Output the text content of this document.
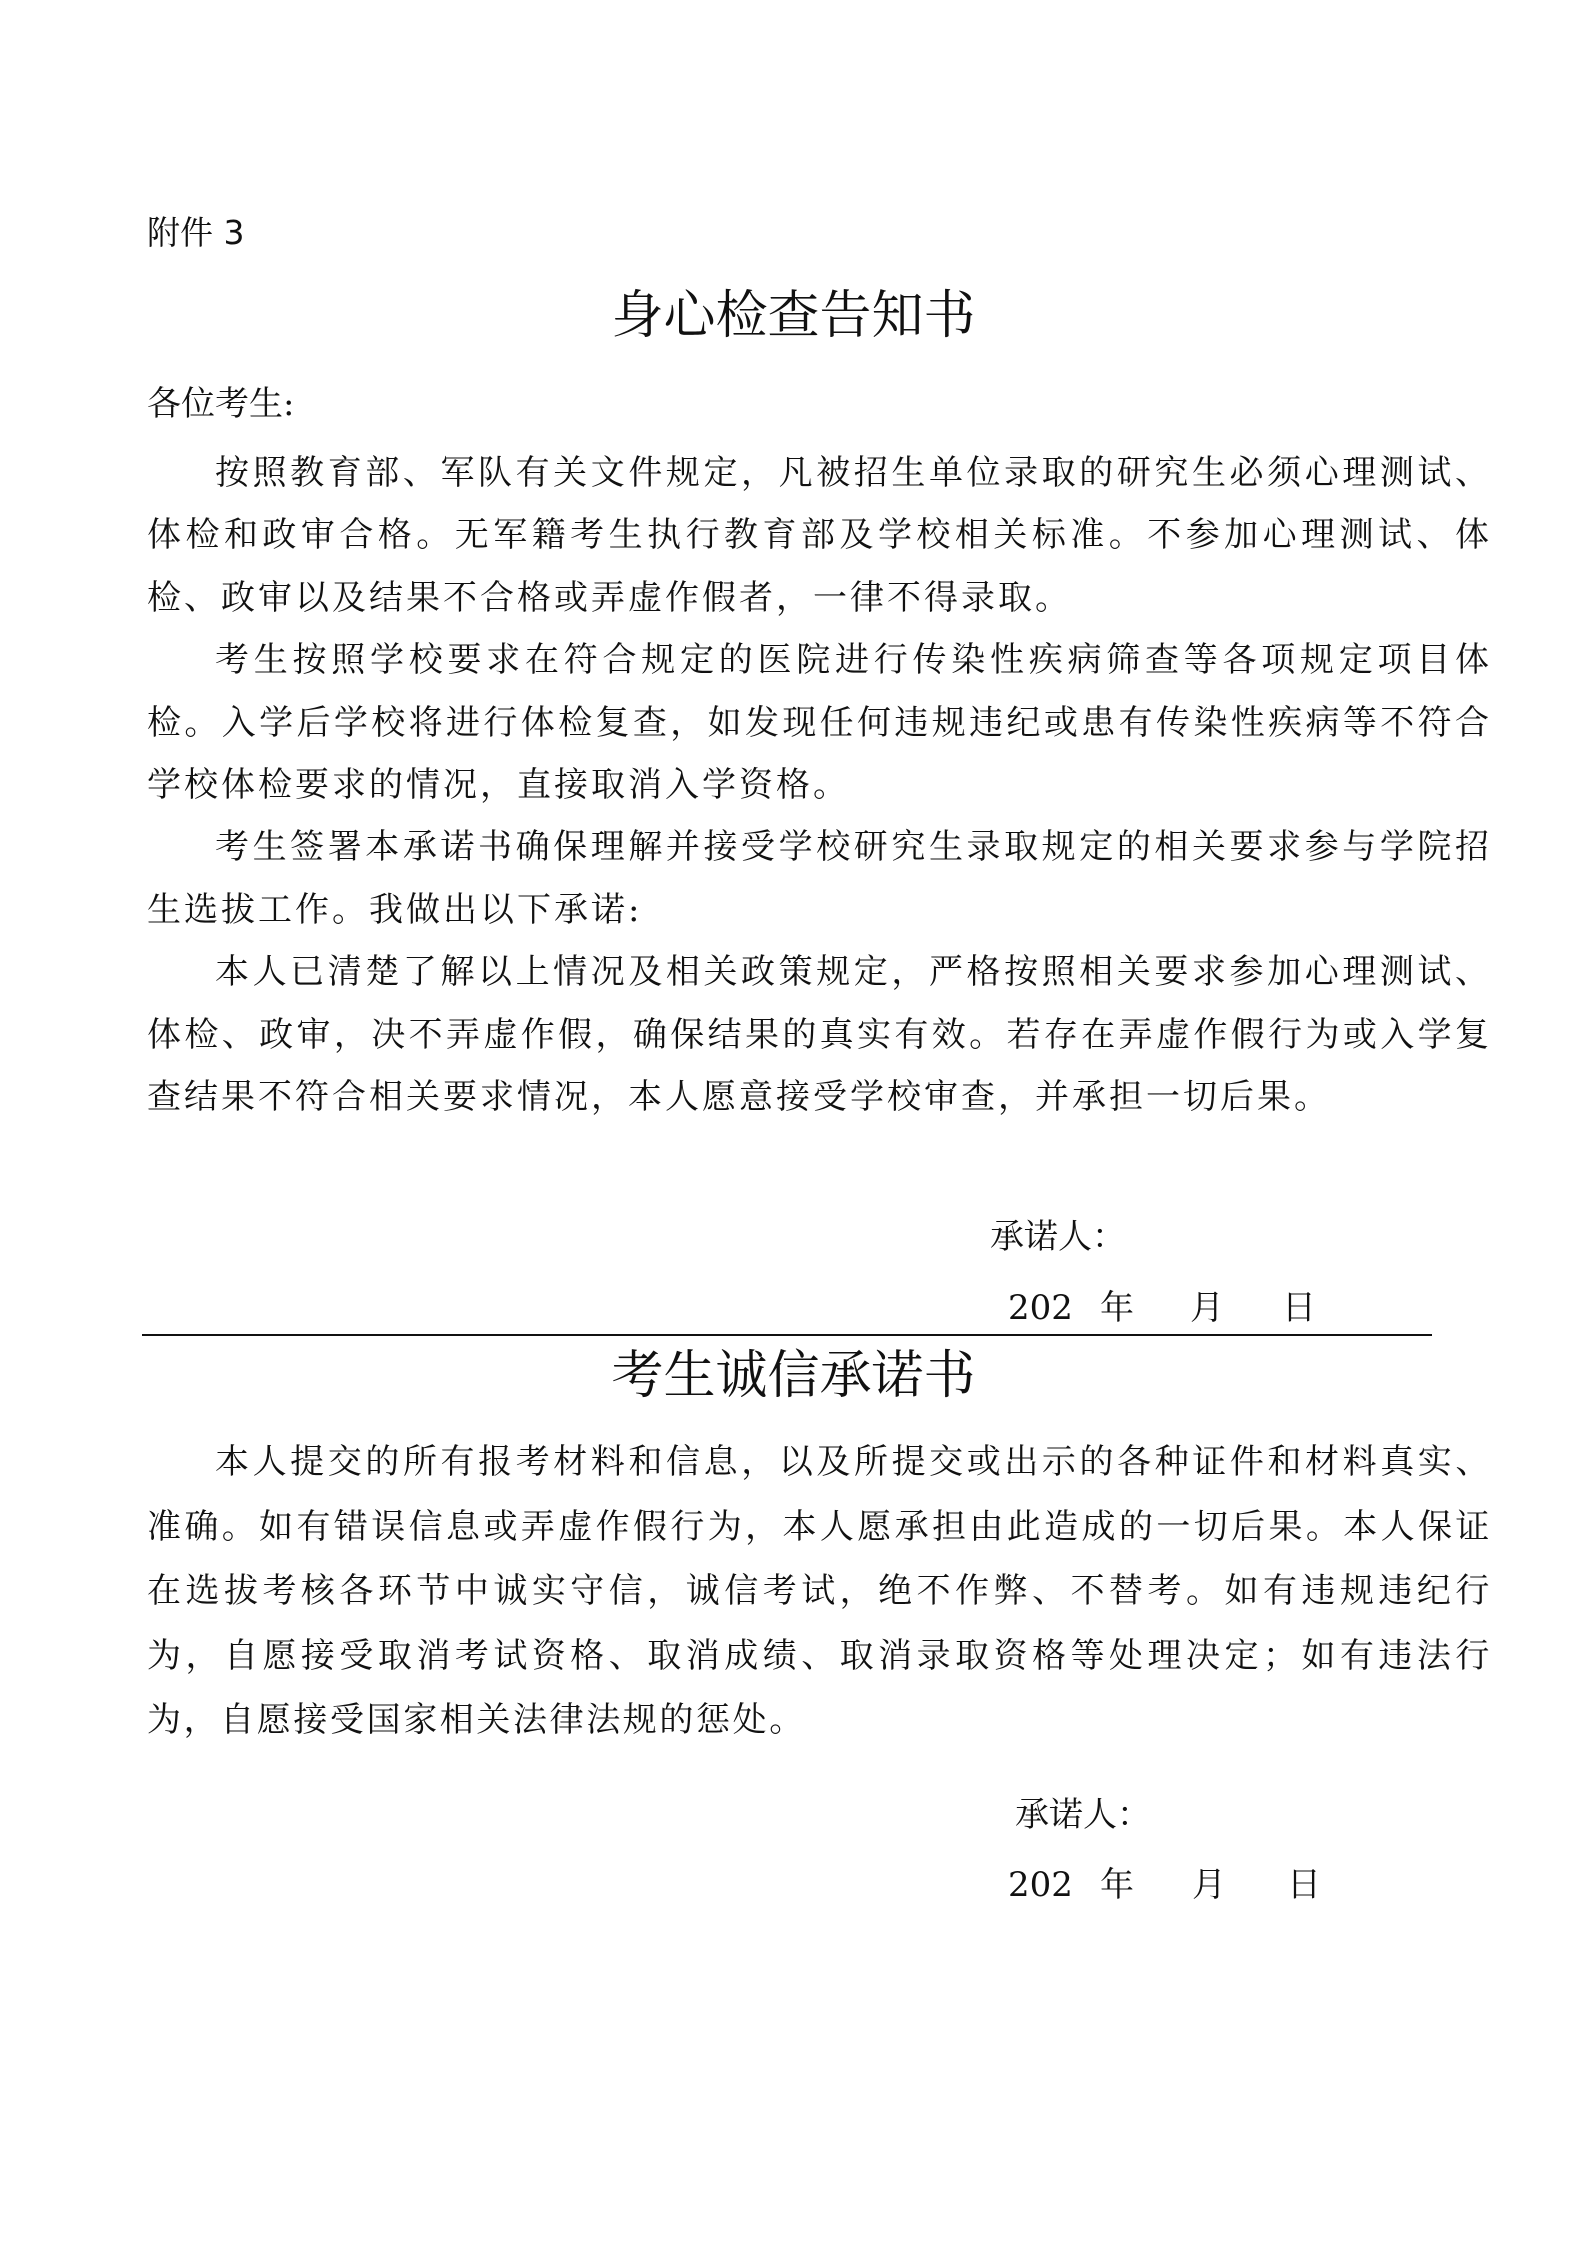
附件 3
身心检查告知书
各位考生:

按照教育部、军队有关文件规定，凡被招生单位录取的研究生必须心理测试、体检和政审合格。无军籍考生执行教育部及学校相关标准。不参加心理测试、体检、政审以及结果不合格或弄虚作假者，一律不得录取。

考生按照学校要求在符合规定的医院进行传染性疾病筛查等各项规定项目体检。入学后学校将进行体检复查，如发现任何违规违纪或患有传染性疾病等不符合学校体检要求的情况，直接取消入学资格。

考生签署本承诺书确保理解并接受学校研究生录取规定的相关要求参与学院招生选拔工作。我做出以下承诺:

本人已清楚了解以上情况及相关政策规定，严格按照相关要求参加心理测试、体检、政审，决不弄虚作假，确保结果的真实有效。若存在弄虚作假行为或入学复查结果不符合相关要求情况，本人愿意接受学校审查，并承担一切后果。

承诺人：
202 年 月 日
考生诚信承诺书

本人提交的所有报考材料和信息，以及所提交或出示的各种证件和材料真实、准确。如有错误信息或弄虚作假行为，本人愿承担由此造成的一切后果。本人保证在选拔考核各环节中诚实守信，诚信考试，绝不作弊、不替考。如有违规违纪行为，自愿接受取消考试资格、取消成绩、取消录取资格等处理决定；如有违法行为，自愿接受国家相关法律法规的惩处。

承诺人：
202 年 月 日
